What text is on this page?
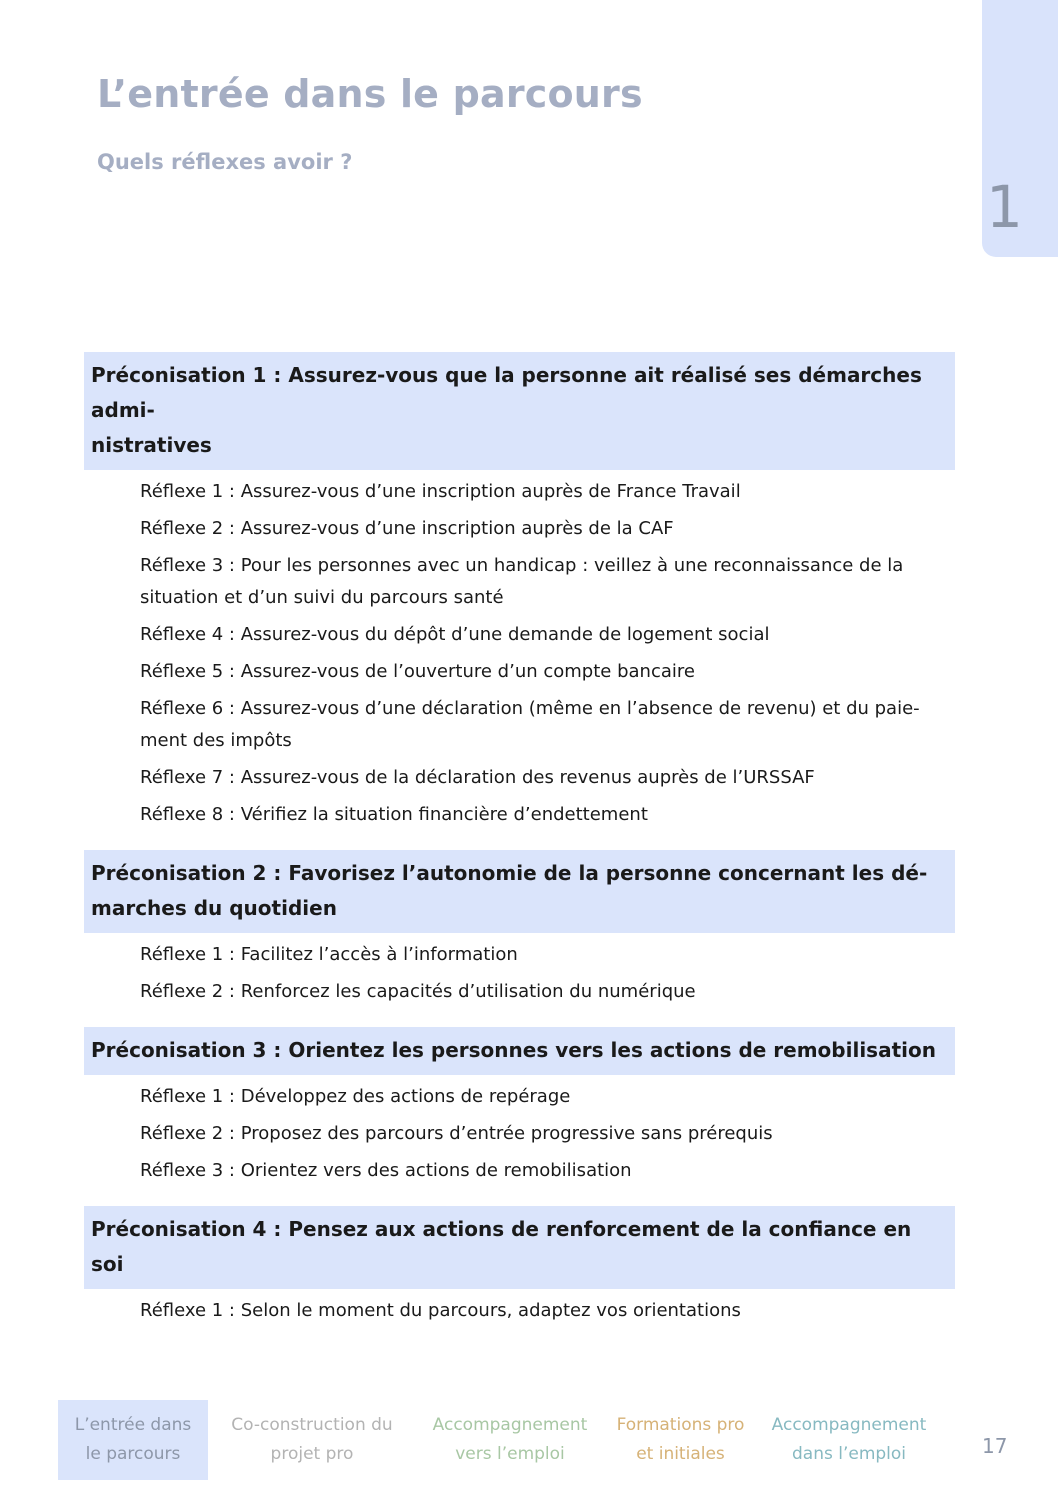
L’entrée dans le parcours
Quels réflexes avoir ?
1
Préconisation 1 : Assurez-vous que la personne ait réalisé ses démarches admi-
nistratives
Réflexe 1 : Assurez-vous d’une inscription auprès de France Travail
Réflexe 2 : Assurez-vous d’une inscription auprès de la CAF
Réflexe 3 : Pour les personnes avec un handicap : veillez à une reconnaissance de la
situation et d’un suivi du parcours santé
Réflexe 4 : Assurez-vous du dépôt d’une demande de logement social
Réflexe 5 : Assurez-vous de l’ouverture d’un compte bancaire
Réflexe 6 : Assurez-vous d’une déclaration (même en l’absence de revenu) et du paie-
ment des impôts
Réflexe 7 : Assurez-vous de la déclaration des revenus auprès de l’URSSAF
Réflexe 8 : Vérifiez la situation financière d’endettement
Préconisation 2 : Favorisez l’autonomie de la personne concernant les dé-
marches du quotidien
Réflexe 1 : Facilitez l’accès à l’information
Réflexe 2 : Renforcez les capacités d’utilisation du numérique
Préconisation 3 : Orientez les personnes vers les actions de remobilisation
Réflexe 1 : Développez des actions de repérage
Réflexe 2 : Proposez des parcours d’entrée progressive sans prérequis
Réflexe 3 : Orientez vers des actions de remobilisation
Préconisation 4 : Pensez aux actions de renforcement de la confiance en soi
Réflexe 1 : Selon le moment du parcours, adaptez vos orientations
L’entrée dans
le parcours
Co-construction du
projet pro
Accompagnement
vers l’emploi
Formations pro
et initiales
Accompagnement
dans l’emploi	17
